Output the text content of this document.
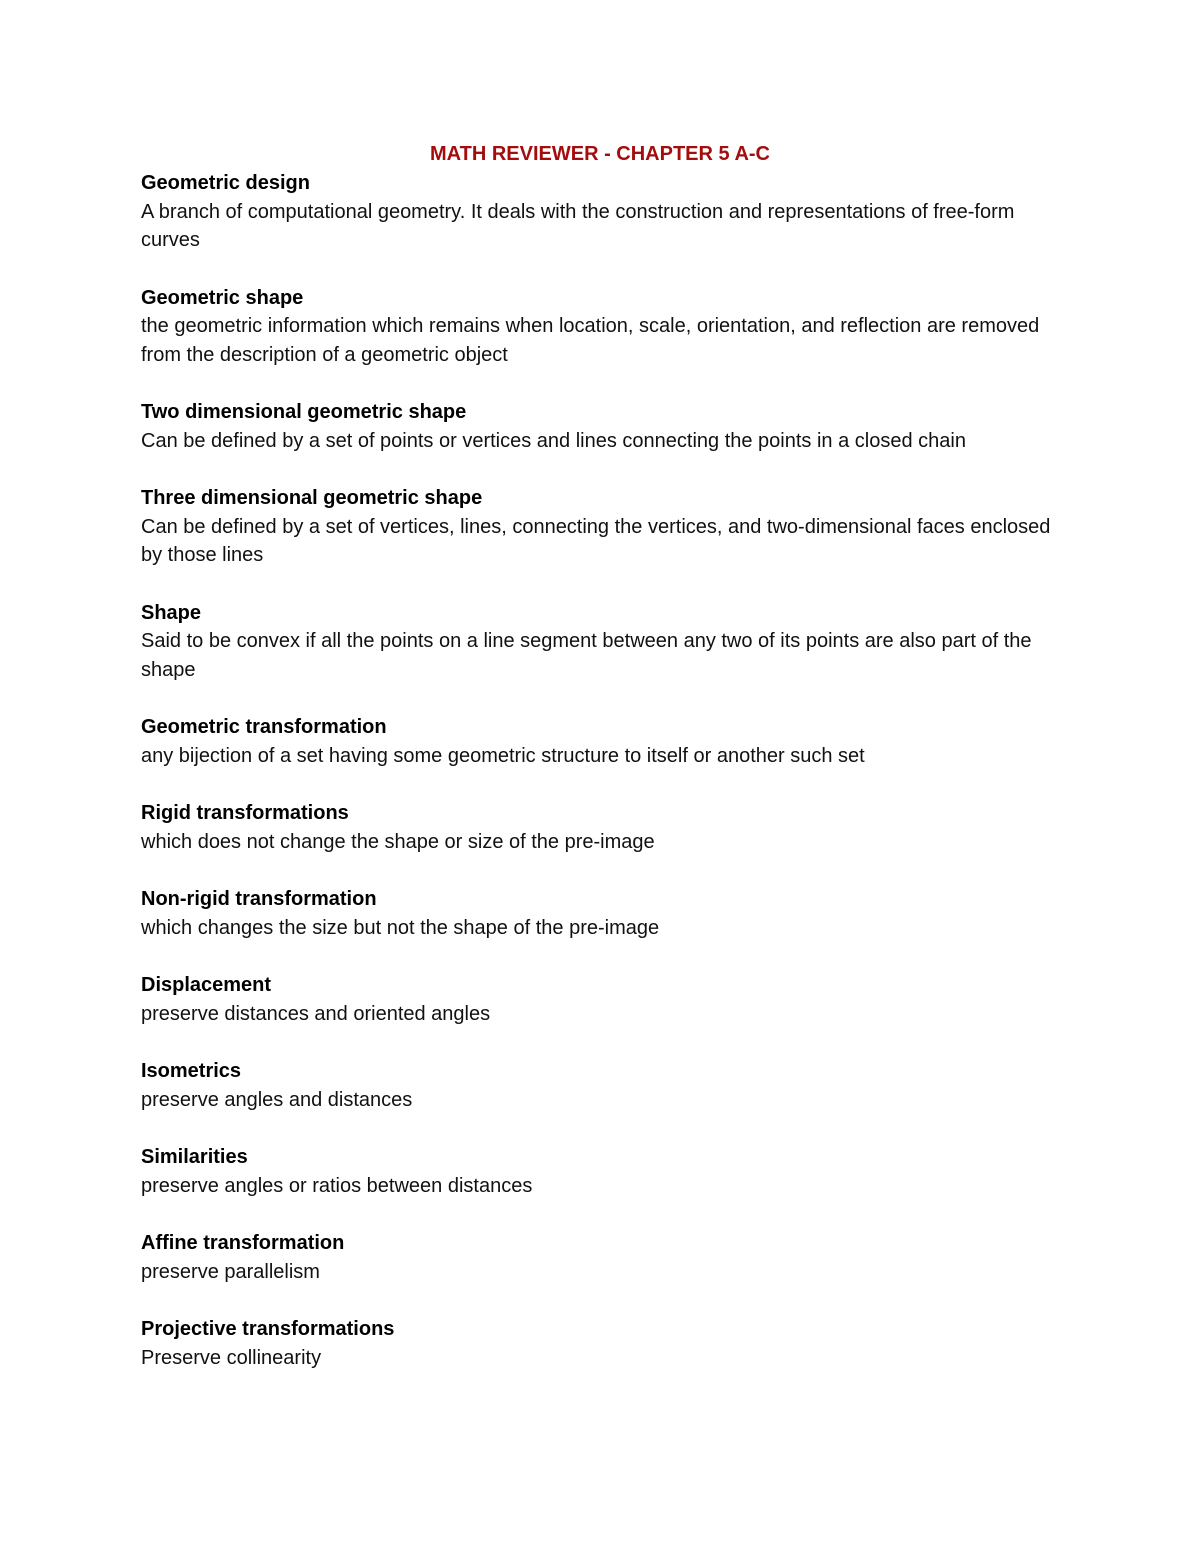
MATH REVIEWER - CHAPTER 5 A-C

Geometric design

A branch of computational geometry. It deals with the construction and representations of free-form curves

Geometric shape

the geometric information which remains when location, scale, orientation, and reflection are removed from the description of a geometric object

Two dimensional geometric shape

Can be defined by a set of points or vertices and lines connecting the points in a closed chain

Three dimensional geometric shape

Can be defined by a set of vertices, lines, connecting the vertices, and two-dimensional faces enclosed by those lines

Shape

Said to be convex if all the points on a line segment between any two of its points are also part of the shape

Geometric transformation

any bijection of a set having some geometric structure to itself or another such set

Rigid transformations

which does not change the shape or size of the pre-image

Non-rigid transformation

which changes the size but not the shape of the pre-image

Displacement

preserve distances and oriented angles

Isometrics

preserve angles and distances

Similarities

preserve angles or ratios between distances

Affine transformation

preserve parallelism

Projective transformations

Preserve collinearity
